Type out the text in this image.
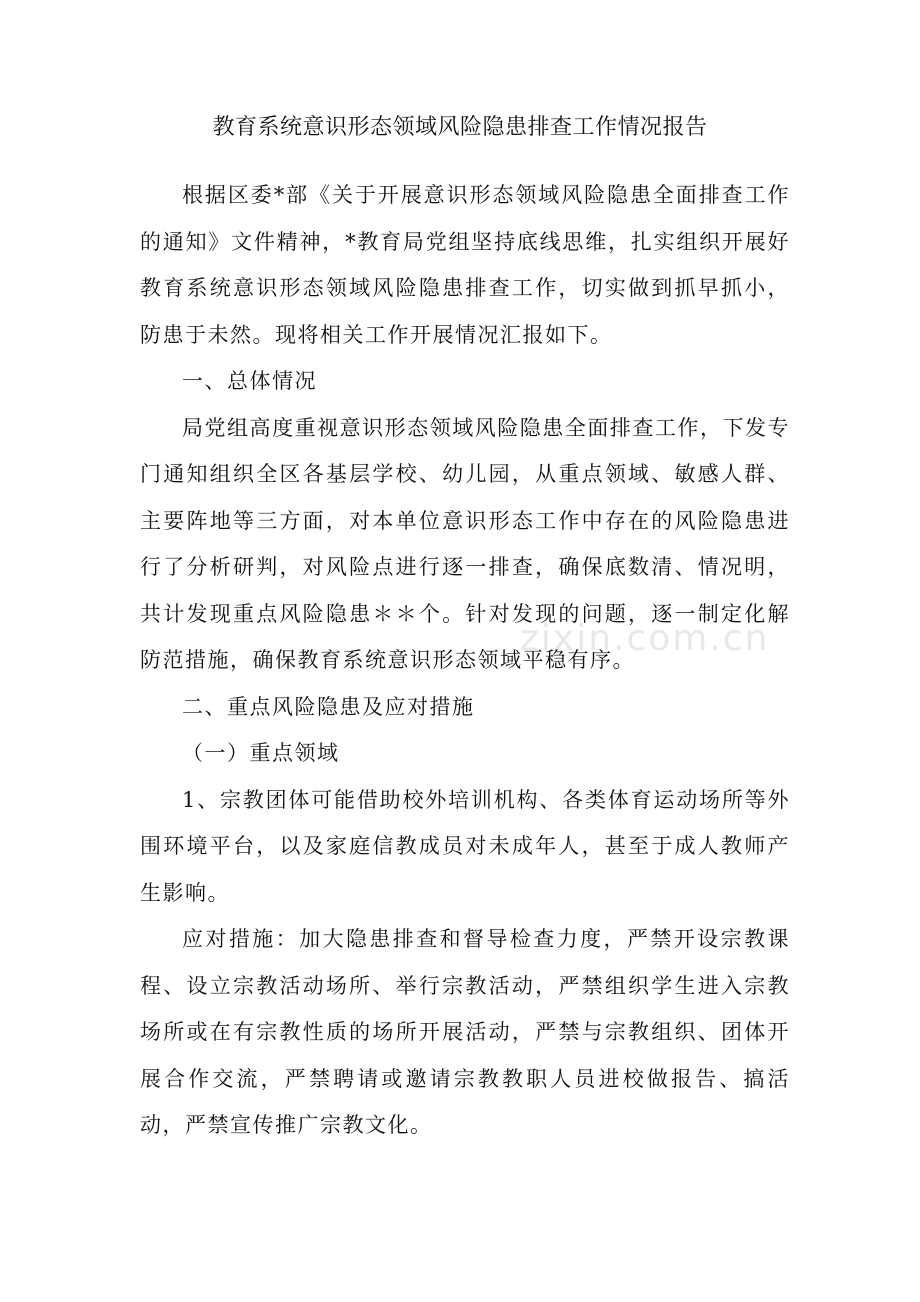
教育系统意识形态领域风险隐患排查工作情况报告

根据区委*部《关于开展意识形态领域风险隐患全面排查工作的通知》文件精神，*教育局党组坚持底线思维，扎实组织开展好教育系统意识形态领域风险隐患排查工作，切实做到抓早抓小，防患于未然。现将相关工作开展情况汇报如下。

一、总体情况

局党组高度重视意识形态领域风险隐患全面排查工作，下发专门通知组织全区各基层学校、幼儿园，从重点领域、敏感人群、主要阵地等三方面，对本单位意识形态工作中存在的风险隐患进行了分析研判，对风险点进行逐一排查，确保底数清、情况明，共计发现重点风险隐患＊＊个。针对发现的问题，逐一制定化解防范措施，确保教育系统意识形态领域平稳有序。

二、重点风险隐患及应对措施

（一）重点领域

1、宗教团体可能借助校外培训机构、各类体育运动场所等外围环境平台，以及家庭信教成员对未成年人，甚至于成人教师产生影响。

应对措施：加大隐患排查和督导检查力度，严禁开设宗教课程、设立宗教活动场所、举行宗教活动，严禁组织学生进入宗教场所或在有宗教性质的场所开展活动，严禁与宗教组织、团体开展合作交流，严禁聘请或邀请宗教教职人员进校做报告、搞活动，严禁宣传推广宗教文化。

zixin.com.cn
